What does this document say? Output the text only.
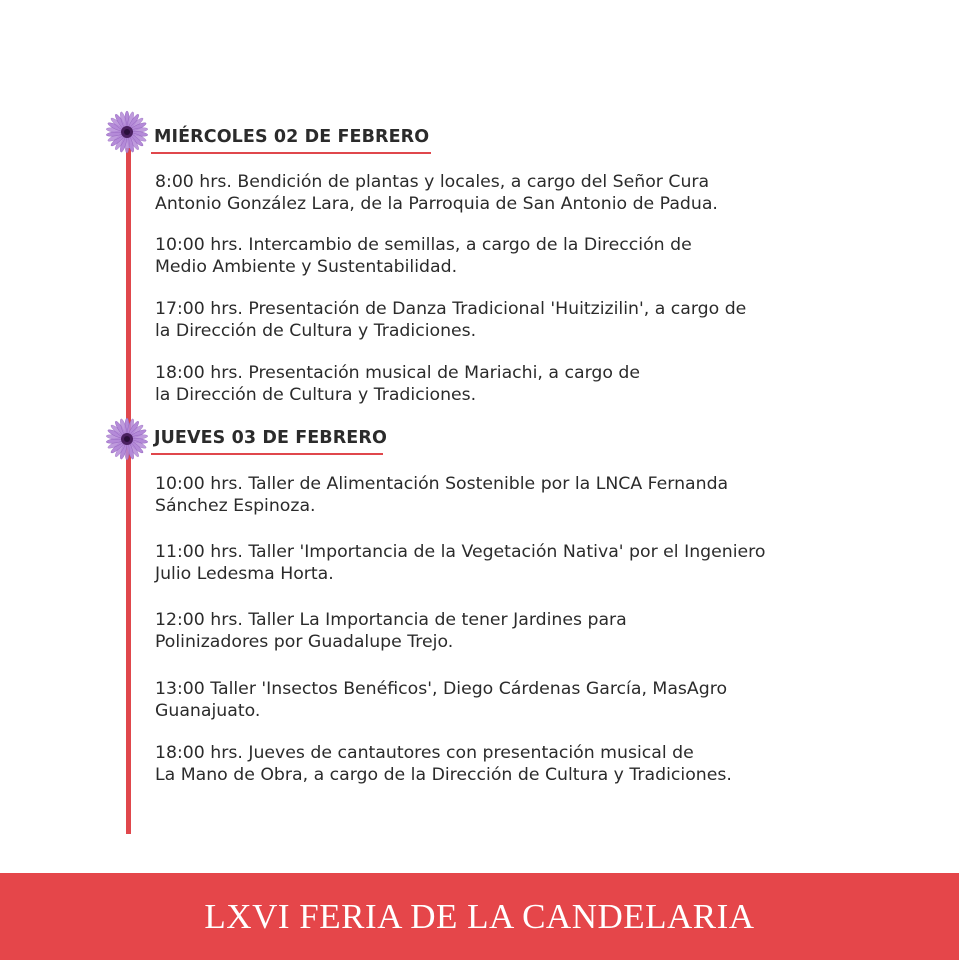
MIÉRCOLES 02 DE FEBRERO

8:00 hrs. Bendición de plantas y locales, a cargo del Señor Cura
Antonio González Lara, de la Parroquia de San Antonio de Padua.

10:00 hrs. Intercambio de semillas, a cargo de la Dirección de
Medio Ambiente y Sustentabilidad.

17:00 hrs. Presentación de Danza Tradicional 'Huitzizilin', a cargo de
la Dirección de Cultura y Tradiciones.

18:00 hrs. Presentación musical de Mariachi, a cargo de
la Dirección de Cultura y Tradiciones.

JUEVES 03 DE FEBRERO

10:00 hrs. Taller de Alimentación Sostenible por la LNCA Fernanda
Sánchez Espinoza.

11:00 hrs. Taller 'Importancia de la Vegetación Nativa' por el Ingeniero
Julio Ledesma Horta.

12:00 hrs. Taller La Importancia de tener Jardines para
Polinizadores por Guadalupe Trejo.

13:00 Taller 'Insectos Benéficos', Diego Cárdenas García, MasAgro
Guanajuato.

18:00 hrs. Jueves de cantautores con presentación musical de
La Mano de Obra, a cargo de la Dirección de Cultura y Tradiciones.

LXVI FERIA DE LA CANDELARIA
